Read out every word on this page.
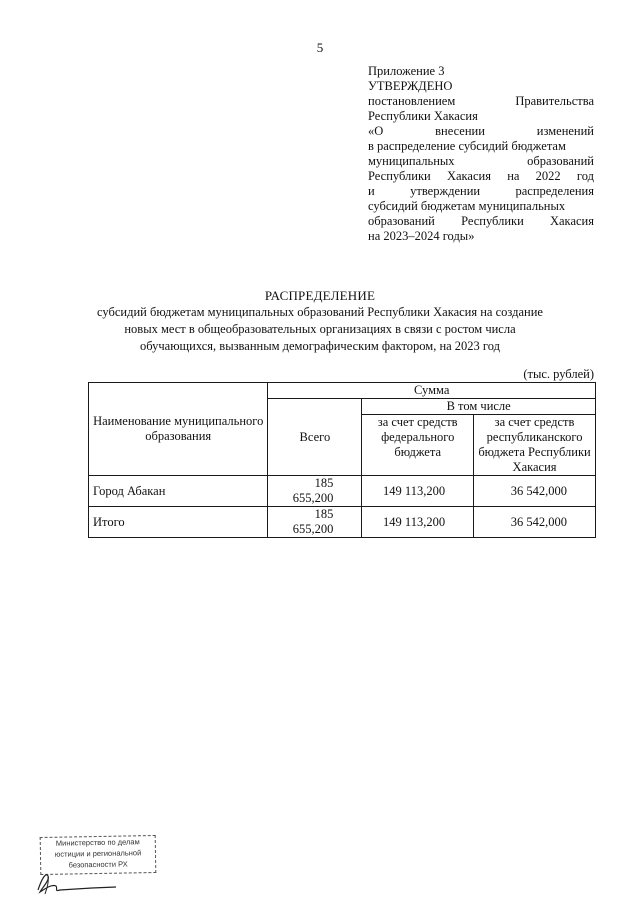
5
Приложение 3
УТВЕРЖДЕНО
постановлением	Правительства
Республики Хакасия
«О	внесении	изменений
в распределение субсидий бюджетам
муниципальных	образований
Республики Хакасия на 2022 год
и	утверждении	распределения
субсидий бюджетам муниципальных
образований Республики Хакасия
на 2023–2024 годы»
РАСПРЕДЕЛЕНИЕ
субсидий бюджетам муниципальных образований Республики Хакасия на создание
новых мест в общеобразовательных организациях в связи с ростом числа
обучающихся, вызванным демографическим фактором, на 2023 год
(тыс. рублей)
Наименование муниципального образования	Сумма		
	Всего	В том числе	
		за счет средств федерального бюджета	за счет средств республиканского бюджета Республики Хакасия
Город Абакан	185 655,200	149 113,200	36 542,000
Итого	185 655,200	149 113,200	36 542,000
Министерство по делам
юстиции и региональной
безопасности РХ
